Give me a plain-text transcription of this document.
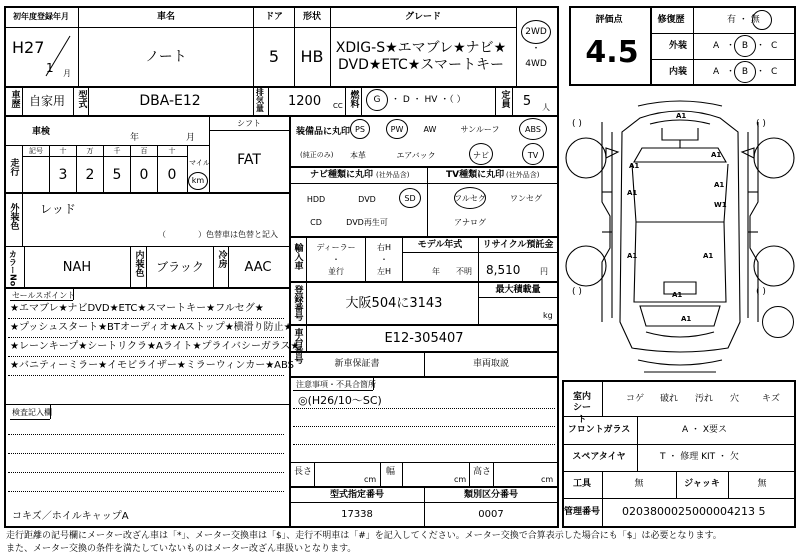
初年度登録年月
H27
1 月
車名
ノート
ドア
5
形状
HB
グレード
XDIG-S★エマブレ★ナビ★
DVD★ETC★スマートキー
2WD
・
4WD
車歴 自家用 型式	DBA-E12	排気量 1200 CC 燃料 G ・ D ・ HV ・（ ）	定員 5 人
車検
年	月
シフト
FAT
走行
記号 十	万	千	百	十
3 2 5 0 0
マイル
km
外装色 レッド
（	）色替車は色替と記入
カラーNo.	NAH	内装色 ブラック 冷房 AAC
セールスポイント
★エマブレ★ナビDVD★ETC★スマートキー★フルセグ★
★プッシュスタート★BTオーディオ★Aストップ★横滑り防止★
★レーンキープ★シートリクラ★Aライト★プライバシーガラス★
★バニティーミラー★イモビライザー★ミラーウィンカー★ABS
検査記入欄
コキズ／ホイルキャップA
装備品に丸印
(純正のみ)
PS	PW	AW	サンルーフ	ABS
本革	エアバック	ナビ	TV
ナビ種類に丸印 (社外品含)
HDD	DVD	SD
CD	DVD再生可
TV種類に丸印 (社外品含)
フルセグ	ワンセグ
アナログ
輸入車 ディーラー
・
並行
右H
・
左H
モデル年式
年 不明
リサイクル預託金
8,510 円
登録番号	大阪504に3143
最大積載量
kg
車台番号	E12-305407
新車保証書	車両取説
注意事項・不具合箇所
◎(H26/10〜SC)
長さ
cm
幅
cm
高さ
cm
型式指定番号
17338
類別区分番号
0007
評価点
4.5
修復歴	有 ・ 無
外装	A ・ B ・ C
内装	A ・ B ・ C
( )	( )
( )	( )
A1
A1
A1
A1
W1
A1
A1	A1
A1
A1
室内シート
コゲ 破れ 汚れ 穴	キズ
フロントガラス	A ・ X要ス
スペアタイヤ	T ・ 修理 KIT ・ 欠
工具	無	ジャッキ	無
管理番号 0203800025000004213 5
走行距離の記号欄にメーター改ざん車は「*」、メーター交換車は「$」、走行不明車は「#」を記入してください。メーター交換で合算表示した場合にも「$」は必要となります。
また、メーター交換の条件を満たしていないものはメーター改ざん車扱いとなります。
